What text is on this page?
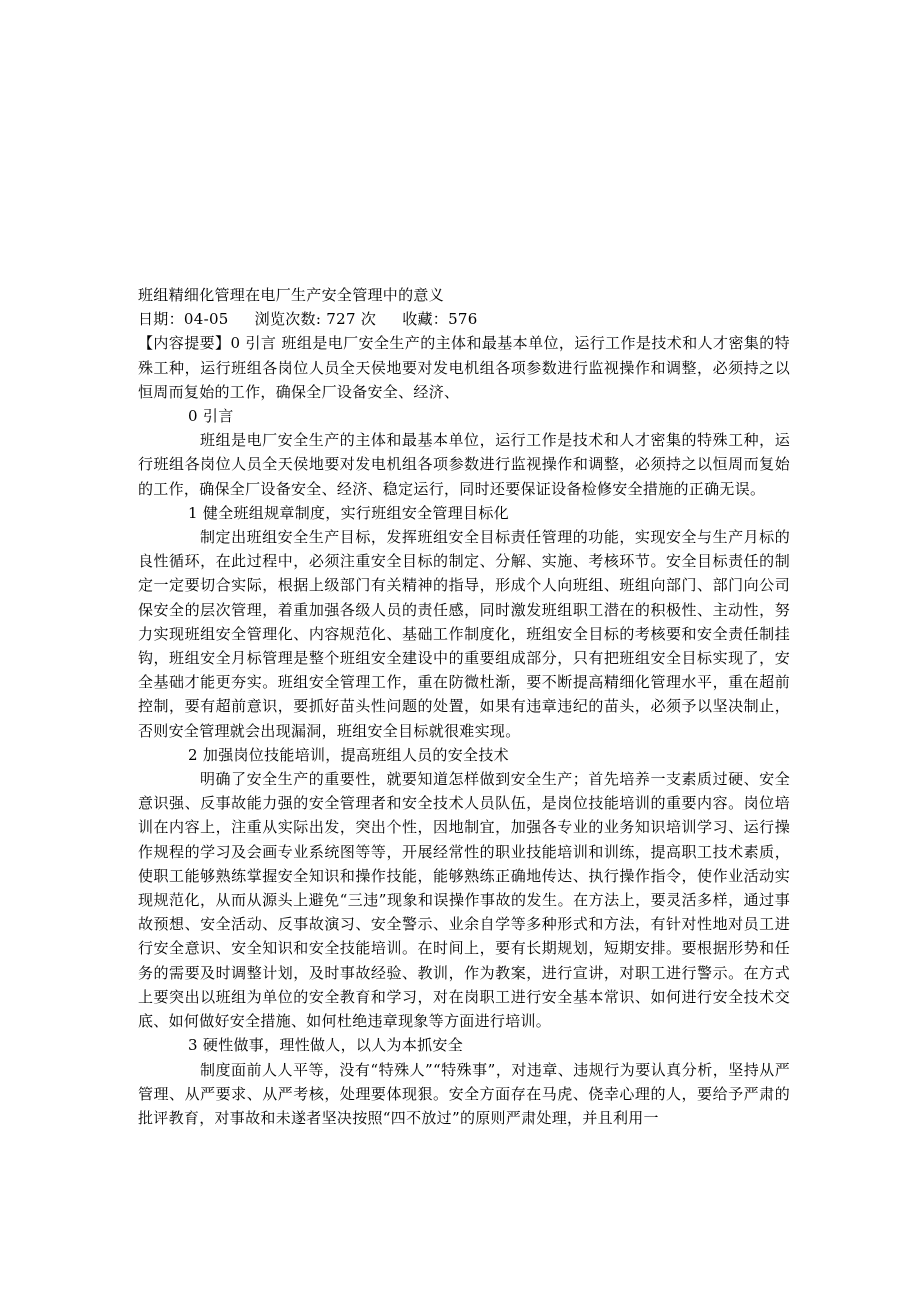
班组精细化管理在电厂生产安全管理中的意义
日期：04-05 浏览次数: 727 次 收藏：576
【内容提要】0 引言 班组是电厂安全生产的主体和最基本单位，运行工作是技术和人才密集的特殊工种，运行班组各岗位人员全天侯地要对发电机组各项参数进行监视操作和调整，必须持之以恒周而复始的工作，确保全厂设备安全、经济、
0 引言
班组是电厂安全生产的主体和最基本单位，运行工作是技术和人才密集的特殊工种，运行班组各岗位人员全天侯地要对发电机组各项参数进行监视操作和调整，必须持之以恒周而复始的工作，确保全厂设备安全、经济、稳定运行，同时还要保证设备检修安全措施的正确无误。
1 健全班组规章制度，实行班组安全管理目标化
制定出班组安全生产目标，发挥班组安全目标责任管理的功能，实现安全与生产月标的良性循环，在此过程中，必须注重安全目标的制定、分解、实施、考核环节。安全目标责任的制定一定要切合实际，根据上级部门有关精神的指导，形成个人向班组、班组向部门、部门向公司保安全的层次管理，着重加强各级人员的责任感，同时激发班组职工潜在的积极性、主动性，努力实现班组安全管理化、内容规范化、基础工作制度化，班组安全目标的考核要和安全责任制挂钩，班组安全月标管理是整个班组安全建设中的重要组成部分，只有把班组安全目标实现了，安全基础才能更夯实。班组安全管理工作，重在防微杜渐，要不断提高精细化管理水平，重在超前控制，要有超前意识，要抓好苗头性问题的处置，如果有违章违纪的苗头，必须予以坚决制止，否则安全管理就会出现漏洞，班组安全目标就很难实现。
2 加强岗位技能培训，提高班组人员的安全技术
明确了安全生产的重要性，就要知道怎样做到安全生产；首先培养一支素质过硬、安全意识强、反事故能力强的安全管理者和安全技术人员队伍，是岗位技能培训的重要内容。岗位培训在内容上，注重从实际出发，突出个性，因地制宜，加强各专业的业务知识培训学习、运行操作规程的学习及会画专业系统图等等，开展经常性的职业技能培训和训练，提高职工技术素质，使职工能够熟练掌握安全知识和操作技能，能够熟练正确地传达、执行操作指令，使作业活动实现规范化，从而从源头上避免“三违”现象和误操作事故的发生。在方法上，要灵活多样，通过事故预想、安全活动、反事故演习、安全警示、业余自学等多种形式和方法，有针对性地对员工进行安全意识、安全知识和安全技能培训。在时间上，要有长期规划，短期安排。要根据形势和任务的需要及时调整计划，及时事故经验、教训，作为教案，进行宣讲，对职工进行警示。在方式上要突出以班组为单位的安全教育和学习，对在岗职工进行安全基本常识、如何进行安全技术交底、如何做好安全措施、如何杜绝违章现象等方面进行培训。
3 硬性做事，理性做人，以人为本抓安全
制度面前人人平等，没有“特殊人”“特殊事”，对违章、违规行为要认真分析，坚持从严管理、从严要求、从严考核，处理要体现狠。安全方面存在马虎、侥幸心理的人，要给予严肃的批评教育，对事故和未遂者坚决按照“四不放过”的原则严肃处理，并且利用一
